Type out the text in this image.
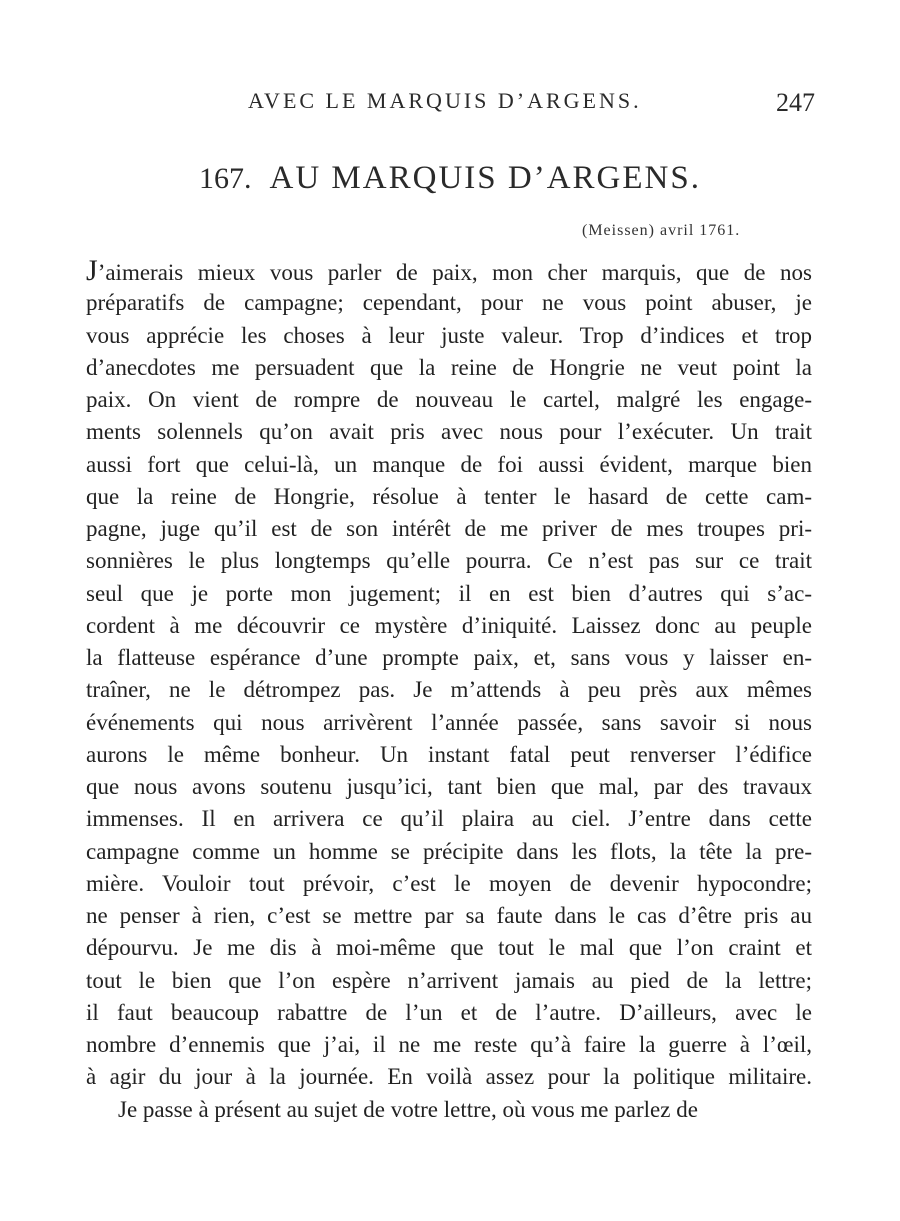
AVEC LE MARQUIS D’ARGENS.	247
167. AU MARQUIS D’ARGENS.
(Meissen) avril 1761.
J’aimerais mieux vous parler de paix, mon cher marquis, que de nos
préparatifs de campagne; cependant, pour ne vous point abuser, je
vous apprécie les choses à leur juste valeur. Trop d’indices et trop
d’anecdotes me persuadent que la reine de Hongrie ne veut point la
paix. On vient de rompre de nouveau le cartel, malgré les engage-
ments solennels qu’on avait pris avec nous pour l’exécuter. Un trait
aussi fort que celui-là, un manque de foi aussi évident, marque bien
que la reine de Hongrie, résolue à tenter le hasard de cette cam-
pagne, juge qu’il est de son intérêt de me priver de mes troupes pri-
sonnières le plus longtemps qu’elle pourra. Ce n’est pas sur ce trait
seul que je porte mon jugement; il en est bien d’autres qui s’ac-
cordent à me découvrir ce mystère d’iniquité. Laissez donc au peuple
la flatteuse espérance d’une prompte paix, et, sans vous y laisser en-
traîner, ne le détrompez pas. Je m’attends à peu près aux mêmes
événements qui nous arrivèrent l’année passée, sans savoir si nous
aurons le même bonheur. Un instant fatal peut renverser l’édifice
que nous avons soutenu jusqu’ici, tant bien que mal, par des travaux
immenses. Il en arrivera ce qu’il plaira au ciel. J’entre dans cette
campagne comme un homme se précipite dans les flots, la tête la pre-
mière. Vouloir tout prévoir, c’est le moyen de devenir hypocondre;
ne penser à rien, c’est se mettre par sa faute dans le cas d’être pris au
dépourvu. Je me dis à moi-même que tout le mal que l’on craint et
tout le bien que l’on espère n’arrivent jamais au pied de la lettre;
il faut beaucoup rabattre de l’un et de l’autre. D’ailleurs, avec le
nombre d’ennemis que j’ai, il ne me reste qu’à faire la guerre à l’œil,
à agir du jour à la journée. En voilà assez pour la politique militaire.
Je passe à présent au sujet de votre lettre, où vous me parlez de
